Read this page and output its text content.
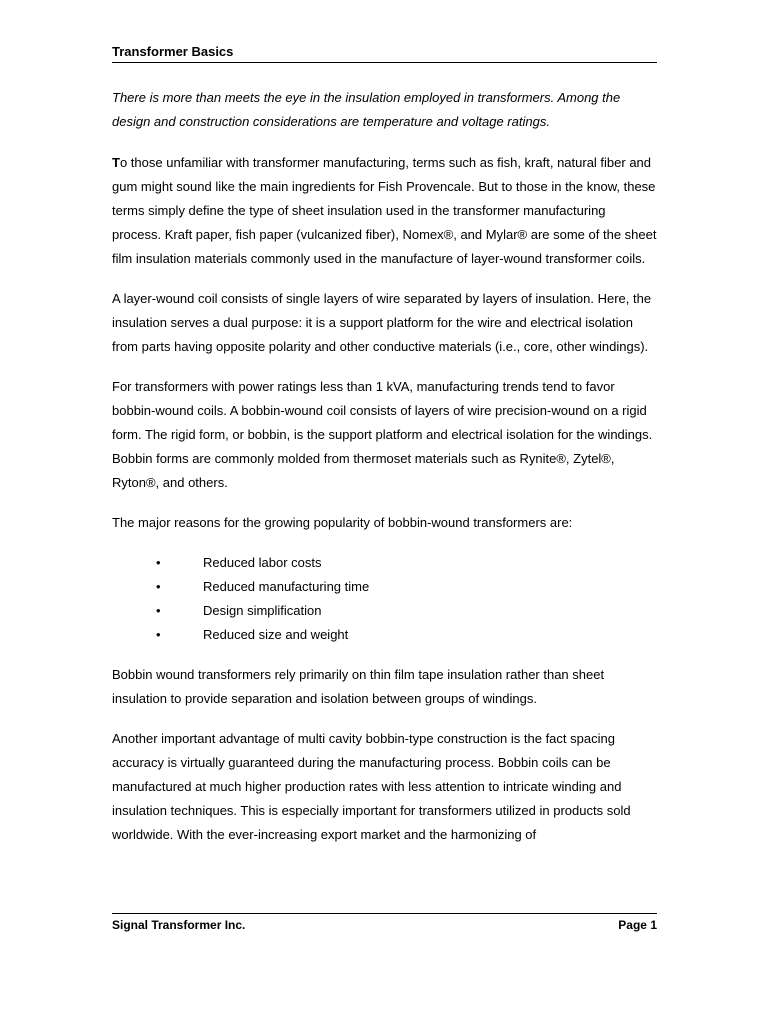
Transformer Basics

There is more than meets the eye in the insulation employed in transformers. Among the design and construction considerations are temperature and voltage ratings.

To those unfamiliar with transformer manufacturing, terms such as fish, kraft, natural fiber and gum might sound like the main ingredients for Fish Provencale. But to those in the know, these terms simply define the type of sheet insulation used in the transformer manufacturing process. Kraft paper, fish paper (vulcanized fiber), Nomex®, and Mylar® are some of the sheet film insulation materials commonly used in the manufacture of layer-wound transformer coils.

A layer-wound coil consists of single layers of wire separated by layers of insulation. Here, the insulation serves a dual purpose: it is a support platform for the wire and electrical isolation from parts having opposite polarity and other conductive materials (i.e., core, other windings).

For transformers with power ratings less than 1 kVA, manufacturing trends tend to favor bobbin-wound coils. A bobbin-wound coil consists of layers of wire precision-wound on a rigid form. The rigid form, or bobbin, is the support platform and electrical isolation for the windings. Bobbin forms are commonly molded from thermoset materials such as Rynite®, Zytel®, Ryton®, and others.

The major reasons for the growing popularity of bobbin-wound transformers are:

•	Reduced labor costs
•	Reduced manufacturing time
•	Design simplification
•	Reduced size and weight

Bobbin wound transformers rely primarily on thin film tape insulation rather than sheet insulation to provide separation and isolation between groups of windings.

Another important advantage of multi cavity bobbin-type construction is the fact spacing accuracy is virtually guaranteed during the manufacturing process. Bobbin coils can be manufactured at much higher production rates with less attention to intricate winding and insulation techniques. This is especially important for transformers utilized in products sold worldwide. With the ever-increasing export market and the harmonizing of

Signal Transformer Inc.	Page 1
